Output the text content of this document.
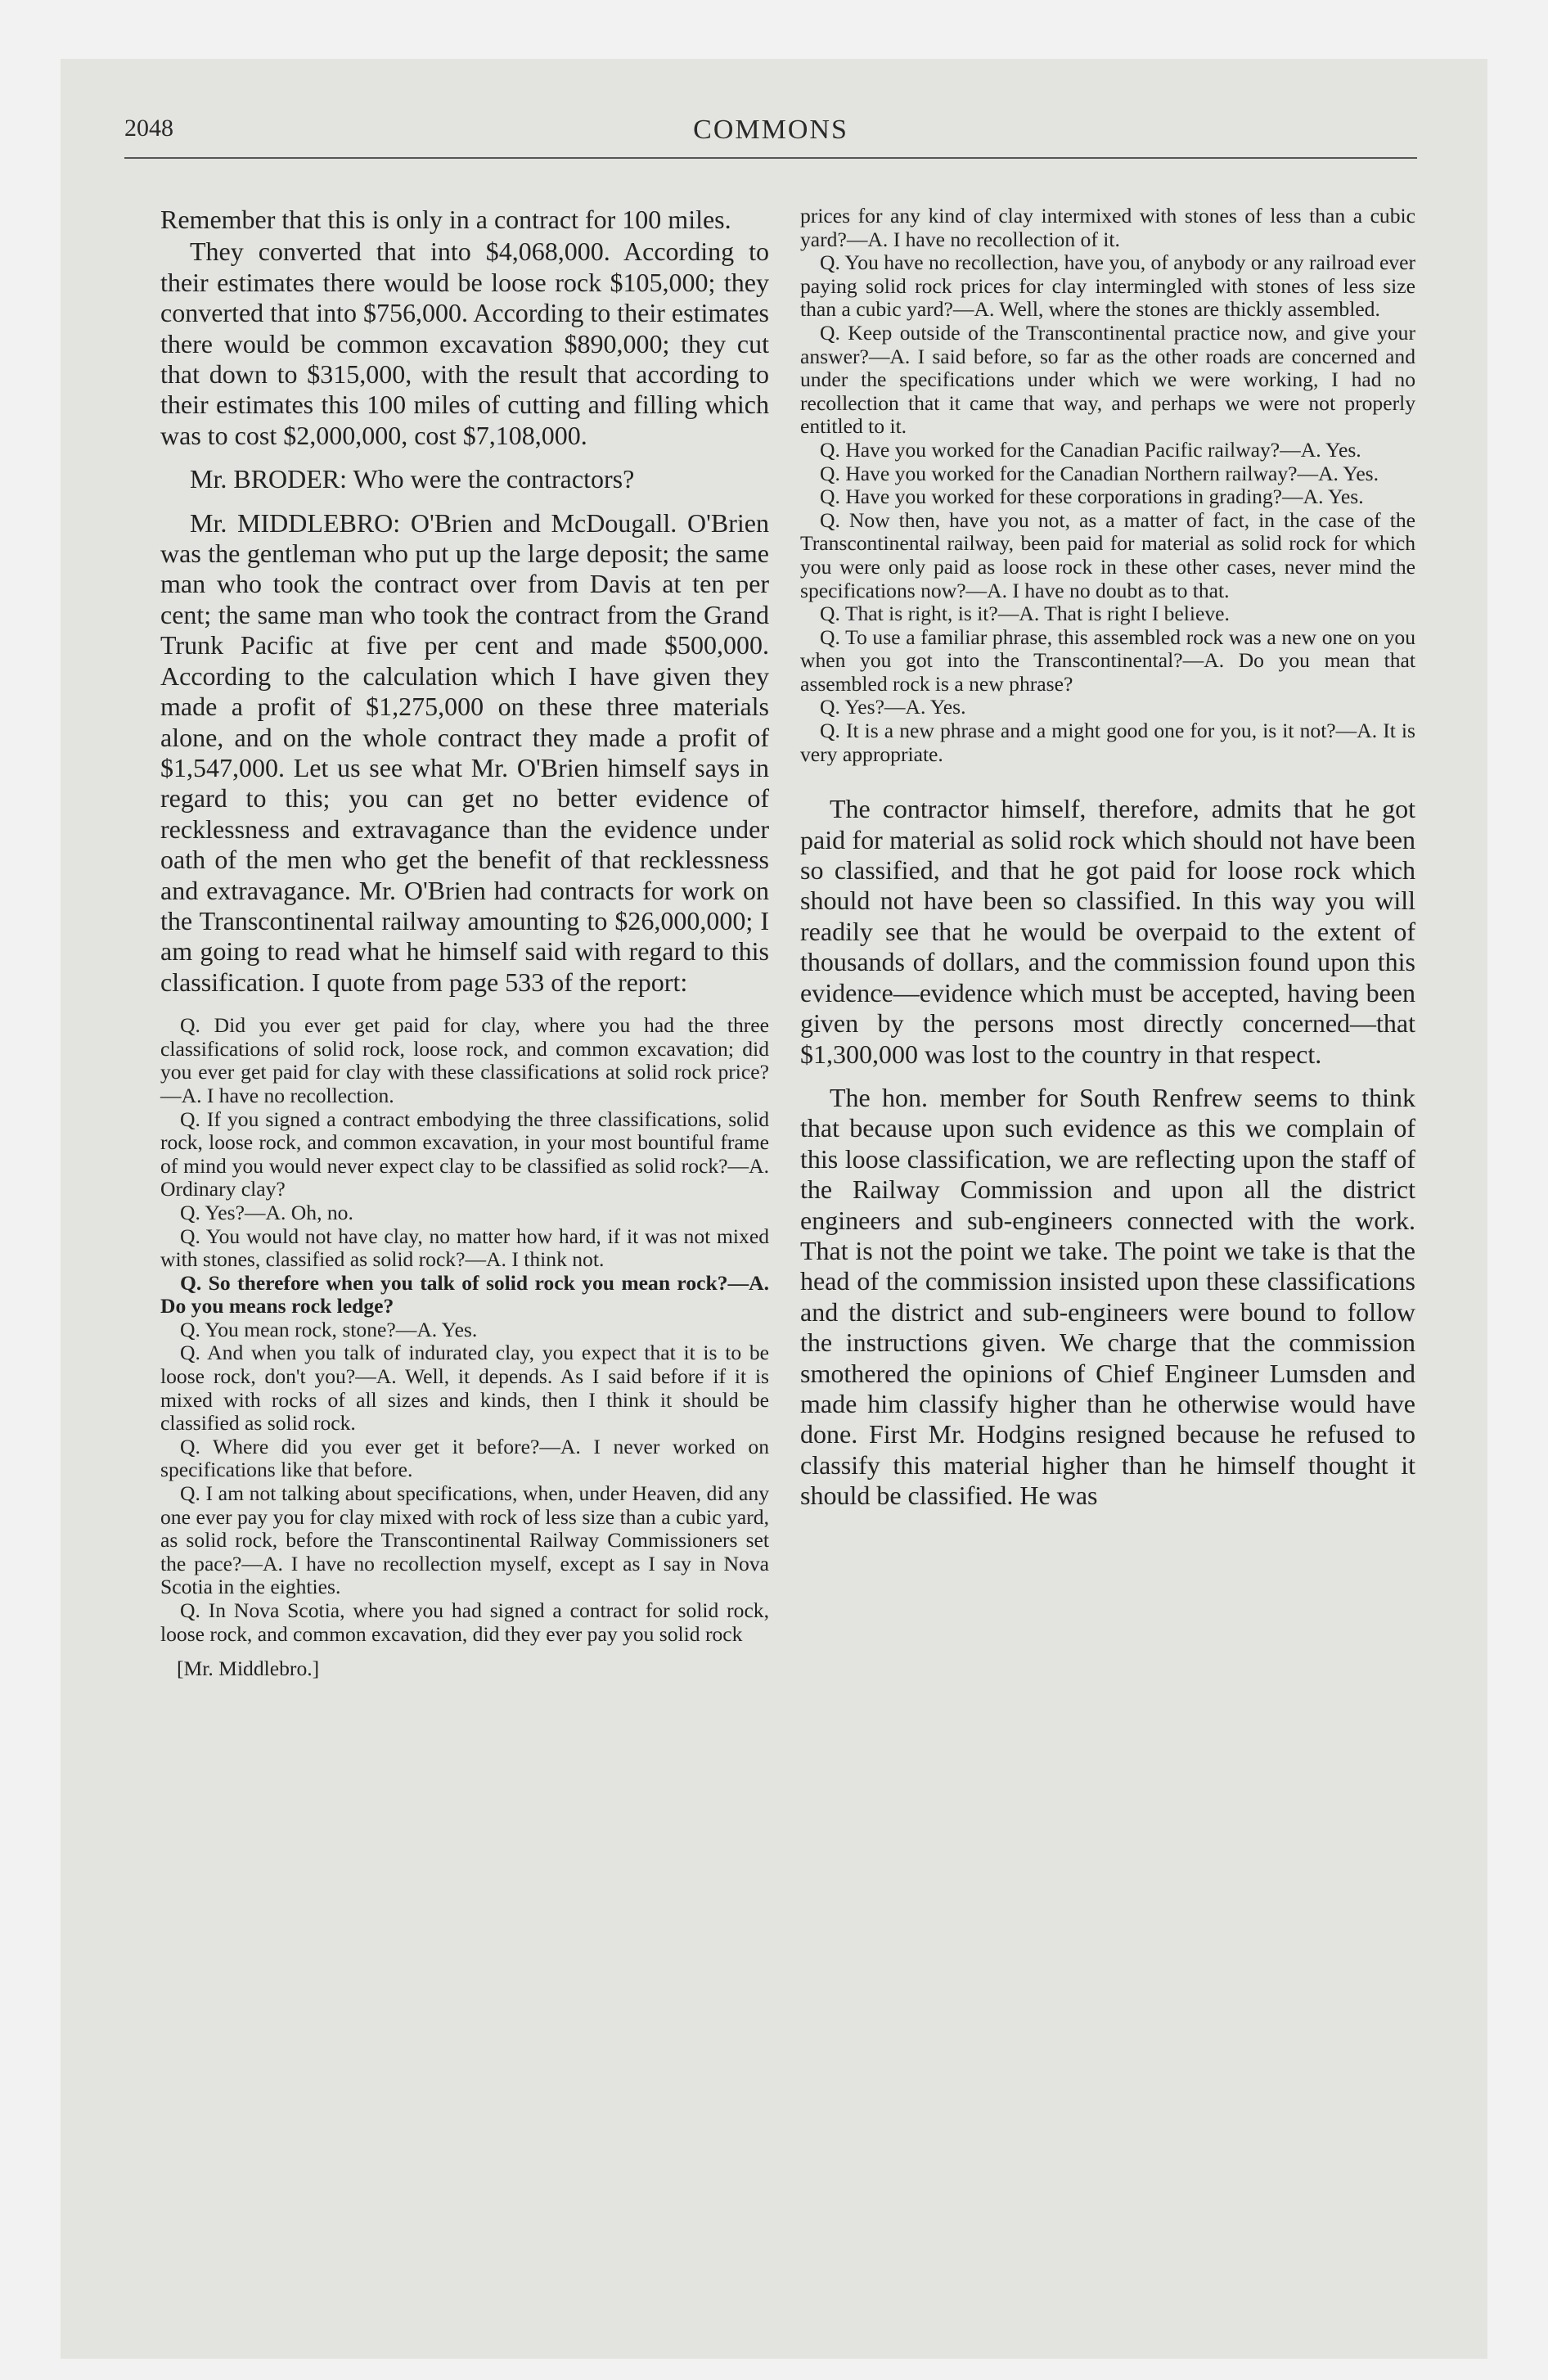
2048	COMMONS

Remember that this is only in a contract for 100 miles.

They converted that into $4,068,000. According to their estimates there would be loose rock $105,000; they converted that into $756,000. According to their estimates there would be common excavation $890,000; they cut that down to $315,000, with the result that according to their estimates this 100 miles of cutting and filling which was to cost $2,000,000, cost $7,108,000.

Mr. BRODER: Who were the contractors?

Mr. MIDDLEBRO: O'Brien and McDougall. O'Brien was the gentleman who put up the large deposit; the same man who took the contract over from Davis at ten per cent; the same man who took the contract from the Grand Trunk Pacific at five per cent and made $500,000. According to the calculation which I have given they made a profit of $1,275,000 on these three materials alone, and on the whole contract they made a profit of $1,547,000. Let us see what Mr. O'Brien himself says in regard to this; you can get no better evidence of recklessness and extravagance than the evidence under oath of the men who get the benefit of that recklessness and extravagance. Mr. O'Brien had contracts for work on the Transcontinental railway amounting to $26,000,000; I am going to read what he himself said with regard to this classification. I quote from page 533 of the report:

Q. Did you ever get paid for clay, where you had the three classifications of solid rock, loose rock, and common excavation; did you ever get paid for clay with these classifications at solid rock price?—A. I have no recollection.

Q. If you signed a contract embodying the three classifications, solid rock, loose rock, and common excavation, in your most bountiful frame of mind you would never expect clay to be classified as solid rock?—A. Ordinary clay?

Q. Yes?—A. Oh, no.

Q. You would not have clay, no matter how hard, if it was not mixed with stones, classified as solid rock?—A. I think not.

Q. So therefore when you talk of solid rock you mean rock?—A. Do you means rock ledge?

Q. You mean rock, stone?—A. Yes.

Q. And when you talk of indurated clay, you expect that it is to be loose rock, don't you?—A. Well, it depends. As I said before if it is mixed with rocks of all sizes and kinds, then I think it should be classified as solid rock.

Q. Where did you ever get it before?—A. I never worked on specifications like that before.

Q. I am not talking about specifications, when, under Heaven, did any one ever pay you for clay mixed with rock of less size than a cubic yard, as solid rock, before the Transcontinental Railway Commissioners set the pace?—A. I have no recollection myself, except as I say in Nova Scotia in the eighties.

Q. In Nova Scotia, where you had signed a contract for solid rock, loose rock, and common excavation, did they ever pay you solid rock

[Mr. Middlebro.]

prices for any kind of clay intermixed with stones of less than a cubic yard?—A. I have no recollection of it.

Q. You have no recollection, have you, of anybody or any railroad ever paying solid rock prices for clay intermingled with stones of less size than a cubic yard?—A. Well, where the stones are thickly assembled.

Q. Keep outside of the Transcontinental practice now, and give your answer?—A. I said before, so far as the other roads are concerned and under the specifications under which we were working, I had no recollection that it came that way, and perhaps we were not properly entitled to it.

Q. Have you worked for the Canadian Pacific railway?—A. Yes.

Q. Have you worked for the Canadian Northern railway?—A. Yes.

Q. Have you worked for these corporations in grading?—A. Yes.

Q. Now then, have you not, as a matter of fact, in the case of the Transcontinental railway, been paid for material as solid rock for which you were only paid as loose rock in these other cases, never mind the specifications now?—A. I have no doubt as to that.

Q. That is right, is it?—A. That is right I believe.

Q. To use a familiar phrase, this assembled rock was a new one on you when you got into the Transcontinental?—A. Do you mean that assembled rock is a new phrase?

Q. Yes?—A. Yes.

Q. It is a new phrase and a might good one for you, is it not?—A. It is very appropriate.

The contractor himself, therefore, admits that he got paid for material as solid rock which should not have been so classified, and that he got paid for loose rock which should not have been so classified. In this way you will readily see that he would be overpaid to the extent of thousands of dollars, and the commission found upon this evidence—evidence which must be accepted, having been given by the persons most directly concerned—that $1,300,000 was lost to the country in that respect.

The hon. member for South Renfrew seems to think that because upon such evidence as this we complain of this loose classification, we are reflecting upon the staff of the Railway Commission and upon all the district engineers and sub-engineers connected with the work. That is not the point we take. The point we take is that the head of the commission insisted upon these classifications and the district and sub-engineers were bound to follow the instructions given. We charge that the commission smothered the opinions of Chief Engineer Lumsden and made him classify higher than he otherwise would have done. First Mr. Hodgins resigned because he refused to classify this material higher than he himself thought it should be classified. He was
